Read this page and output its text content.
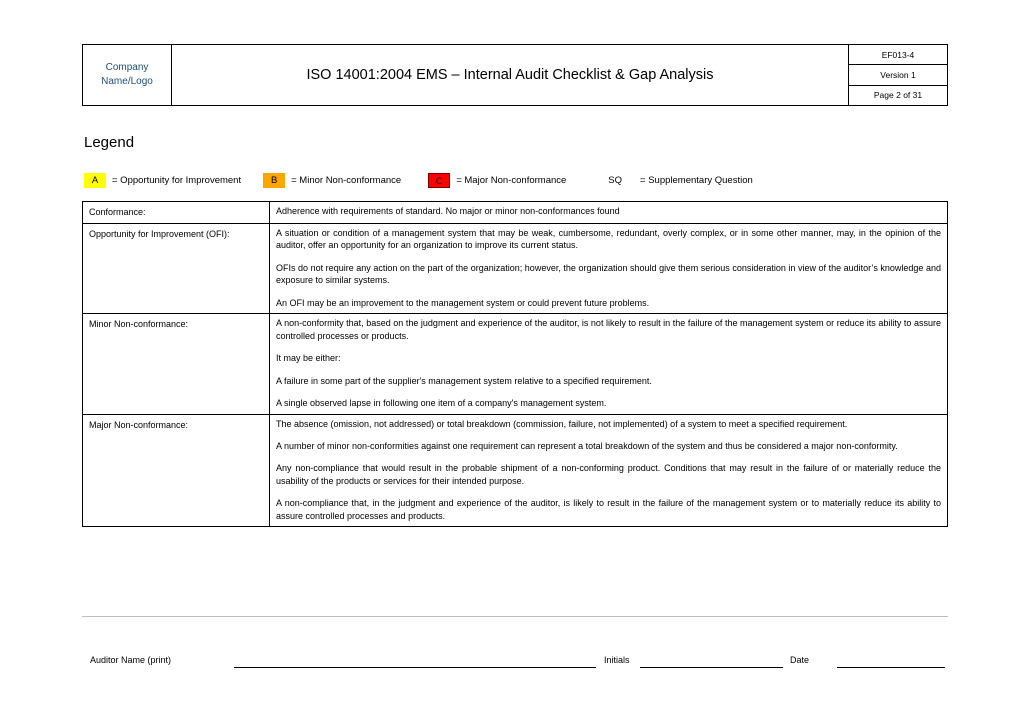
Company
Name/Logo	ISO 14001:2004 EMS – Internal Audit Checklist & Gap Analysis
EF013-4
Version 1
Page 2 of 31
Legend
A	= Opportunity for Improvement	B	= Minor Non-conformance	C	= Major Non-conformance	SQ = Supplementary Question
Conformance:	Adherence with requirements of standard. No major or minor non-conformances found

Opportunity for Improvement (OFI):	A situation or condition of a management system that may be weak, cumbersome, redundant, overly complex, or in some other manner, may, in the opinion of the auditor, offer an opportunity for an organization to improve its current status.

OFIs do not require any action on the part of the organization; however, the organization should give them serious consideration in view of the auditor’s knowledge and exposure to similar systems.

An OFI may be an improvement to the management system or could prevent future problems.

Minor Non-conformance:	A non-conformity that, based on the judgment and experience of the auditor, is not likely to result in the failure of the management system or reduce its ability to assure controlled processes or products.

It may be either:

A failure in some part of the supplier's management system relative to a specified requirement.

A single observed lapse in following one item of a company's management system.

Major Non-conformance:	The absence (omission, not addressed) or total breakdown (commission, failure, not implemented) of a system to meet a specified requirement.

A number of minor non-conformities against one requirement can represent a total breakdown of the system and thus be considered a major non-conformity.

Any non-compliance that would result in the probable shipment of a non-conforming product. Conditions that may result in the failure of or materially reduce the usability of the products or services for their intended purpose.

A non-compliance that, in the judgment and experience of the auditor, is likely to result in the failure of the management system or to materially reduce its ability to assure controlled processes and products.

Auditor Name (print)	Initials	Date
